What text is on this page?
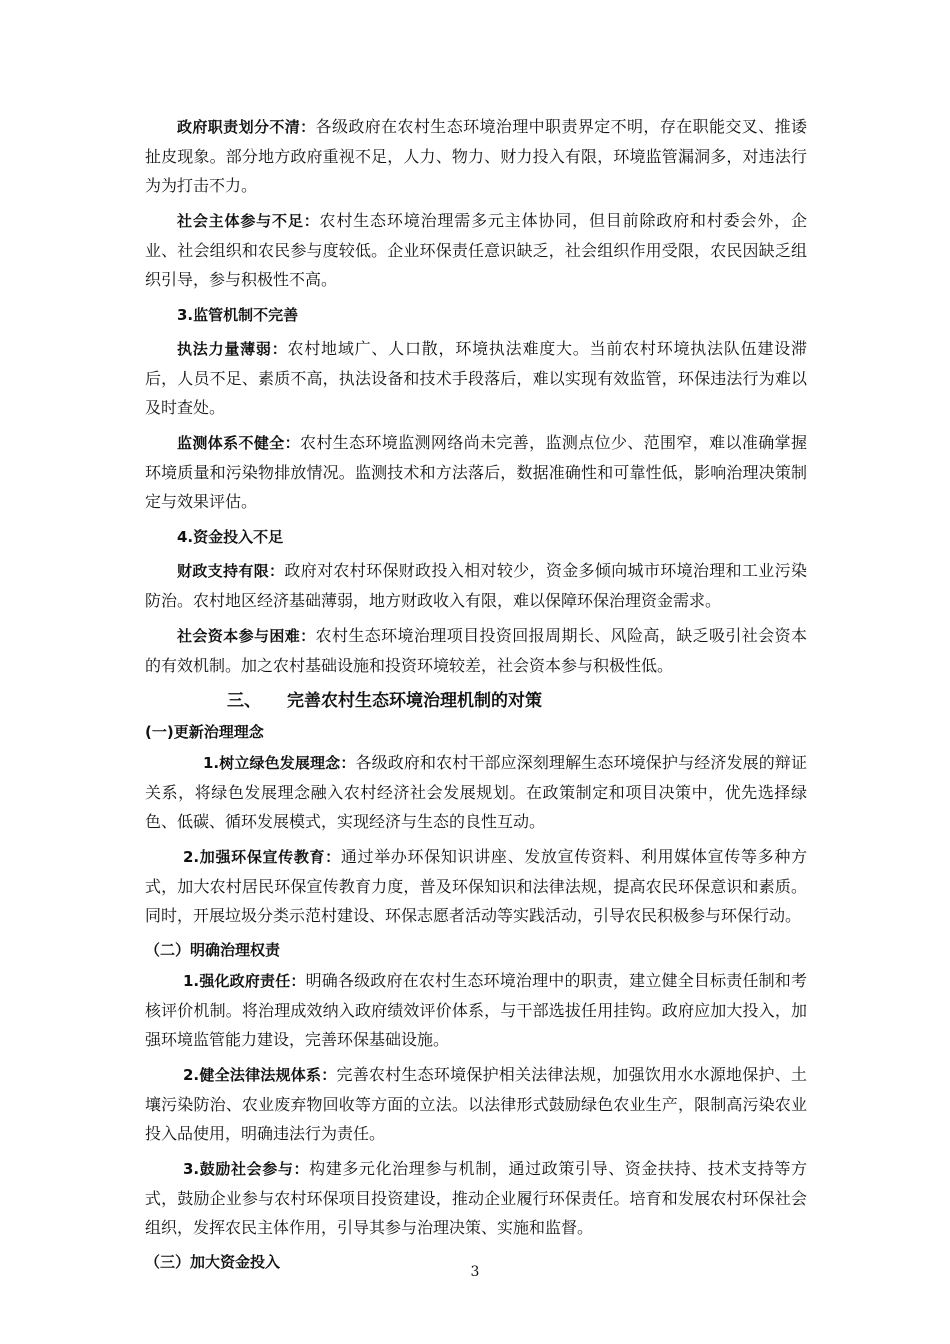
政府职责划分不清：各级政府在农村生态环境治理中职责界定不明，存在职能交叉、推诿扯皮现象。部分地方政府重视不足，人力、物力、财力投入有限，环境监管漏洞多，对违法行为为打击不力。

社会主体参与不足：农村生态环境治理需多元主体协同，但目前除政府和村委会外，企业、社会组织和农民参与度较低。企业环保责任意识缺乏，社会组织作用受限，农民因缺乏组织引导，参与积极性不高。

3.监管机制不完善

执法力量薄弱：农村地域广、人口散，环境执法难度大。当前农村环境执法队伍建设滞后，人员不足、素质不高，执法设备和技术手段落后，难以实现有效监管，环保违法行为难以及时查处。

监测体系不健全：农村生态环境监测网络尚未完善，监测点位少、范围窄，难以准确掌握环境质量和污染物排放情况。监测技术和方法落后，数据准确性和可靠性低，影响治理决策制定与效果评估。

4.资金投入不足

财政支持有限：政府对农村环保财政投入相对较少，资金多倾向城市环境治理和工业污染防治。农村地区经济基础薄弱，地方财政收入有限，难以保障环保治理资金需求。

社会资本参与困难：农村生态环境治理项目投资回报周期长、风险高，缺乏吸引社会资本的有效机制。加之农村基础设施和投资环境较差，社会资本参与积极性低。

三、 完善农村生态环境治理机制的对策

(一)更新治理理念

1.树立绿色发展理念：各级政府和农村干部应深刻理解生态环境保护与经济发展的辩证关系，将绿色发展理念融入农村经济社会发展规划。在政策制定和项目决策中，优先选择绿色、低碳、循环发展模式，实现经济与生态的良性互动。

2.加强环保宣传教育：通过举办环保知识讲座、发放宣传资料、利用媒体宣传等多种方式，加大农村居民环保宣传教育力度，普及环保知识和法律法规，提高农民环保意识和素质。同时，开展垃圾分类示范村建设、环保志愿者活动等实践活动，引导农民积极参与环保行动。

（二）明确治理权责

1.强化政府责任：明确各级政府在农村生态环境治理中的职责，建立健全目标责任制和考核评价机制。将治理成效纳入政府绩效评价体系，与干部选拔任用挂钩。政府应加大投入，加强环境监管能力建设，完善环保基础设施。

2.健全法律法规体系：完善农村生态环境保护相关法律法规，加强饮用水水源地保护、土壤污染防治、农业废弃物回收等方面的立法。以法律形式鼓励绿色农业生产，限制高污染农业投入品使用，明确违法行为责任。

3.鼓励社会参与：构建多元化治理参与机制，通过政策引导、资金扶持、技术支持等方式，鼓励企业参与农村环保项目投资建设，推动企业履行环保责任。培育和发展农村环保社会组织，发挥农民主体作用，引导其参与治理决策、实施和监督。

（三）加大资金投入

3
